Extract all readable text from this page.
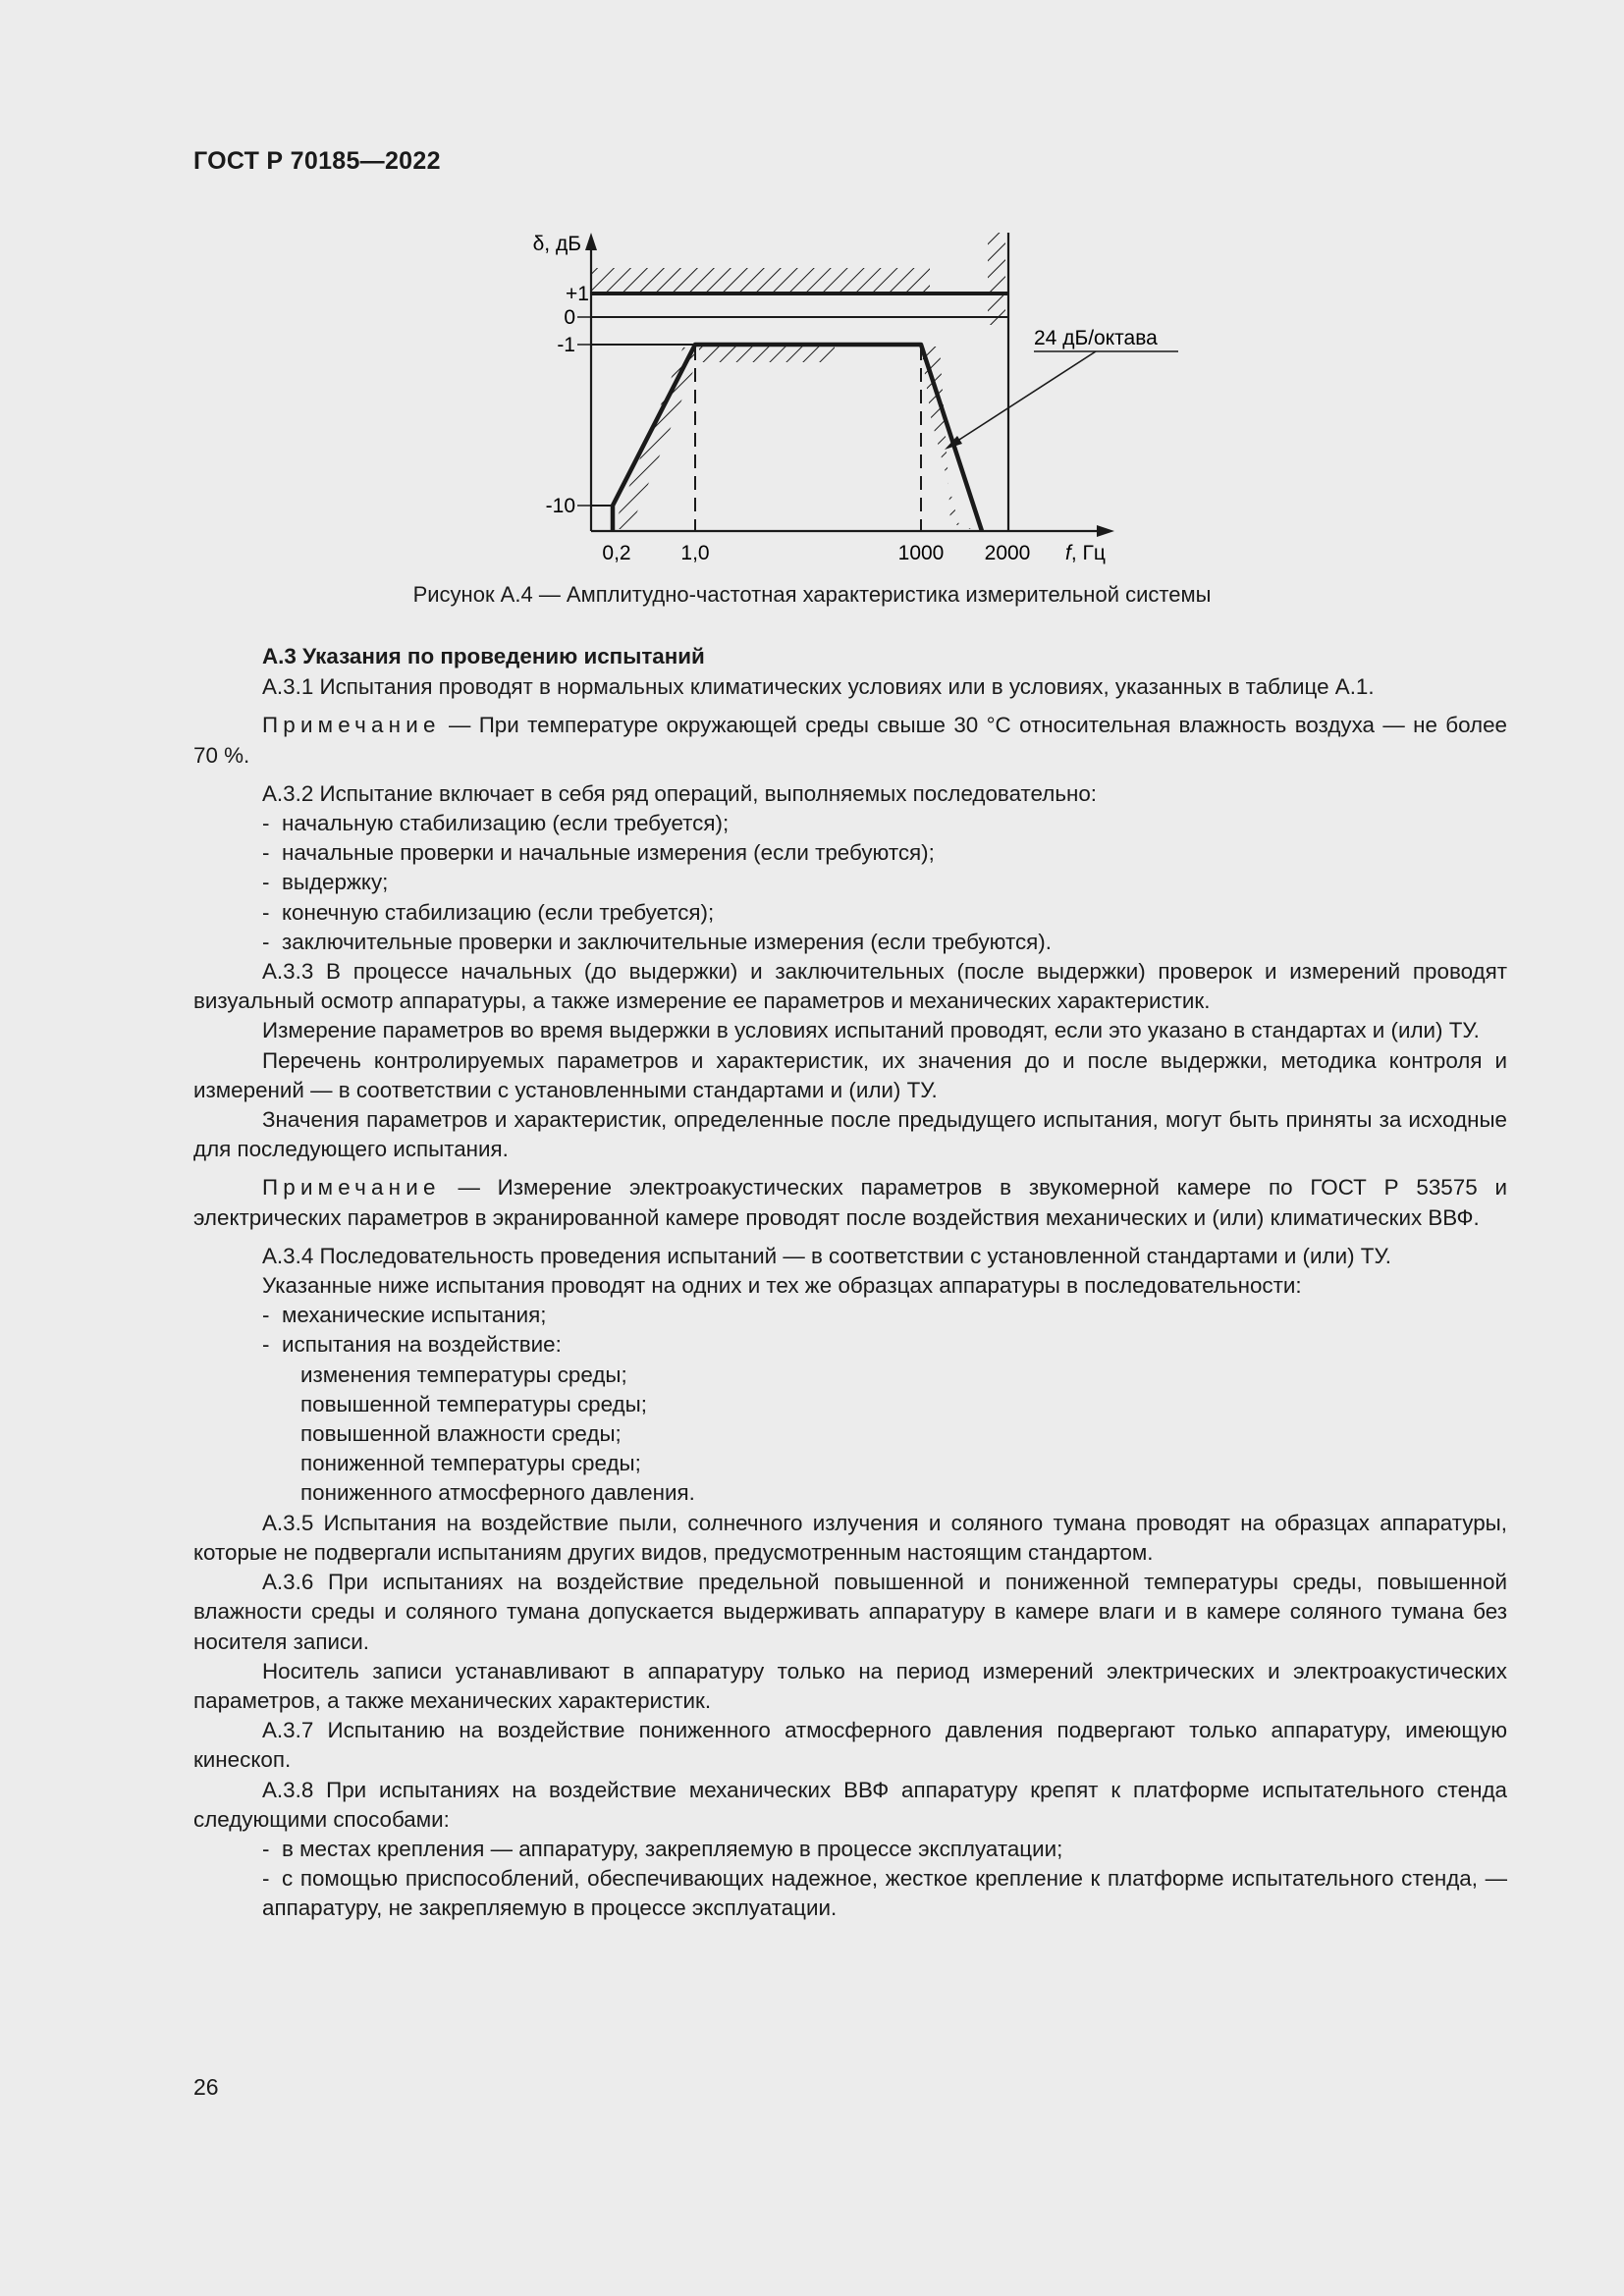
ГОСТ Р 70185—2022
δ, дБ
+1
0
-1
-10
0,2 1,0	1000 2000 f, Гц
24 дБ/октава
Рисунок А.4 — Амплитудно-частотная характеристика измерительной системы

А.3 Указания по проведению испытаний

А.3.1 Испытания проводят в нормальных климатических условиях или в условиях, указанных в таблице А.1.

Примечание — При температуре окружающей среды свыше 30 °С относительная влажность воздуха — не более 70 %.

А.3.2 Испытание включает в себя ряд операций, выполняемых последовательно:

- начальную стабилизацию (если требуется);

- начальные проверки и начальные измерения (если требуются);

- выдержку;

- конечную стабилизацию (если требуется);

- заключительные проверки и заключительные измерения (если требуются).

А.3.3 В процессе начальных (до выдержки) и заключительных (после выдержки) проверок и измерений проводят визуальный осмотр аппаратуры, а также измерение ее параметров и механических характеристик.

Измерение параметров во время выдержки в условиях испытаний проводят, если это указано в стандартах и (или) ТУ.

Перечень контролируемых параметров и характеристик, их значения до и после выдержки, методика контроля и измерений — в соответствии с установленными стандартами и (или) ТУ.

Значения параметров и характеристик, определенные после предыдущего испытания, могут быть приняты за исходные для последующего испытания.

Примечание — Измерение электроакустических параметров в звукомерной камере по ГОСТ Р 53575 и электрических параметров в экранированной камере проводят после воздействия механических и (или) климатических ВВФ.

А.3.4 Последовательность проведения испытаний — в соответствии с установленной стандартами и (или) ТУ.

Указанные ниже испытания проводят на одних и тех же образцах аппаратуры в последовательности:

- механические испытания;

- испытания на воздействие:

изменения температуры среды;

повышенной температуры среды;

повышенной влажности среды;

пониженной температуры среды;

пониженного атмосферного давления.

А.3.5 Испытания на воздействие пыли, солнечного излучения и соляного тумана проводят на образцах аппаратуры, которые не подвергали испытаниям других видов, предусмотренным настоящим стандартом.

А.3.6 При испытаниях на воздействие предельной повышенной и пониженной температуры среды, повышенной влажности среды и соляного тумана допускается выдерживать аппаратуру в камере влаги и в камере соляного тумана без носителя записи.

Носитель записи устанавливают в аппаратуру только на период измерений электрических и электроакустических параметров, а также механических характеристик.

А.3.7 Испытанию на воздействие пониженного атмосферного давления подвергают только аппаратуру, имеющую кинескоп.

А.3.8 При испытаниях на воздействие механических ВВФ аппаратуру крепят к платформе испытательного стенда следующими способами:

- в местах крепления — аппаратуру, закрепляемую в процессе эксплуатации;

- с помощью приспособлений, обеспечивающих надежное, жесткое крепление к платформе испытательного стенда, — аппаратуру, не закрепляемую в процессе эксплуатации.

26
